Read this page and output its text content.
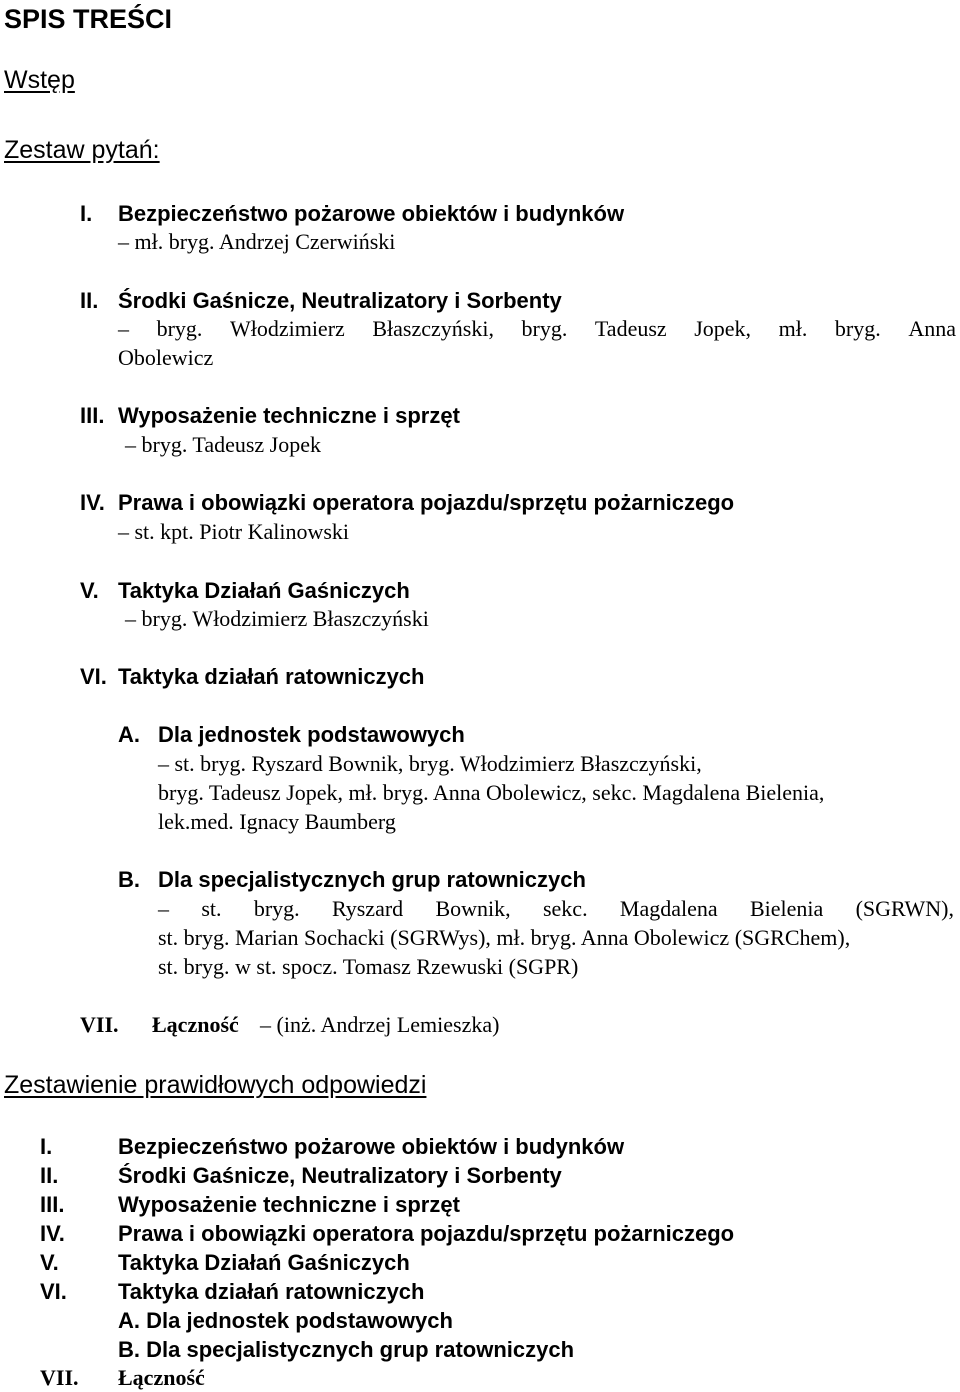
SPIS TREŚCI
Wstęp
Zestaw pytań:
I. Bezpieczeństwo pożarowe obiektów i budynków
– mł. bryg. Andrzej Czerwiński
II. Środki Gaśnicze, Neutralizatory i Sorbenty
– bryg. Włodzimierz Błaszczyński, bryg. Tadeusz Jopek, mł. bryg. Anna
Obolewicz
III. Wyposażenie techniczne i sprzęt
– bryg. Tadeusz Jopek
IV. Prawa i obowiązki operatora pojazdu/sprzętu pożarniczego
– st. kpt. Piotr Kalinowski
V. Taktyka Działań Gaśniczych
– bryg. Włodzimierz Błaszczyński
VI. Taktyka działań ratowniczych
A. Dla jednostek podstawowych
– st. bryg. Ryszard Bownik, bryg. Włodzimierz Błaszczyński,
bryg. Tadeusz Jopek, mł. bryg. Anna Obolewicz, sekc. Magdalena Bielenia,
lek.med. Ignacy Baumberg
B. Dla specjalistycznych grup ratowniczych
– st. bryg. Ryszard Bownik, sekc. Magdalena Bielenia (SGRWN),
st. bryg. Marian Sochacki (SGRWys), mł. bryg. Anna Obolewicz (SGRChem),
st. bryg. w st. spocz. Tomasz Rzewuski (SGPR)
VII. Łączność – (inż. Andrzej Lemieszka)
Zestawienie prawidłowych odpowiedzi
I.	Bezpieczeństwo pożarowe obiektów i budynków
II.	Środki Gaśnicze, Neutralizatory i Sorbenty
III. Wyposażenie techniczne i sprzęt
IV. Prawa i obowiązki operatora pojazdu/sprzętu pożarniczego
V.	Taktyka Działań Gaśniczych
VI. Taktyka działań ratowniczych
A. Dla jednostek podstawowych
B. Dla specjalistycznych grup ratowniczych
VII. Łączność
